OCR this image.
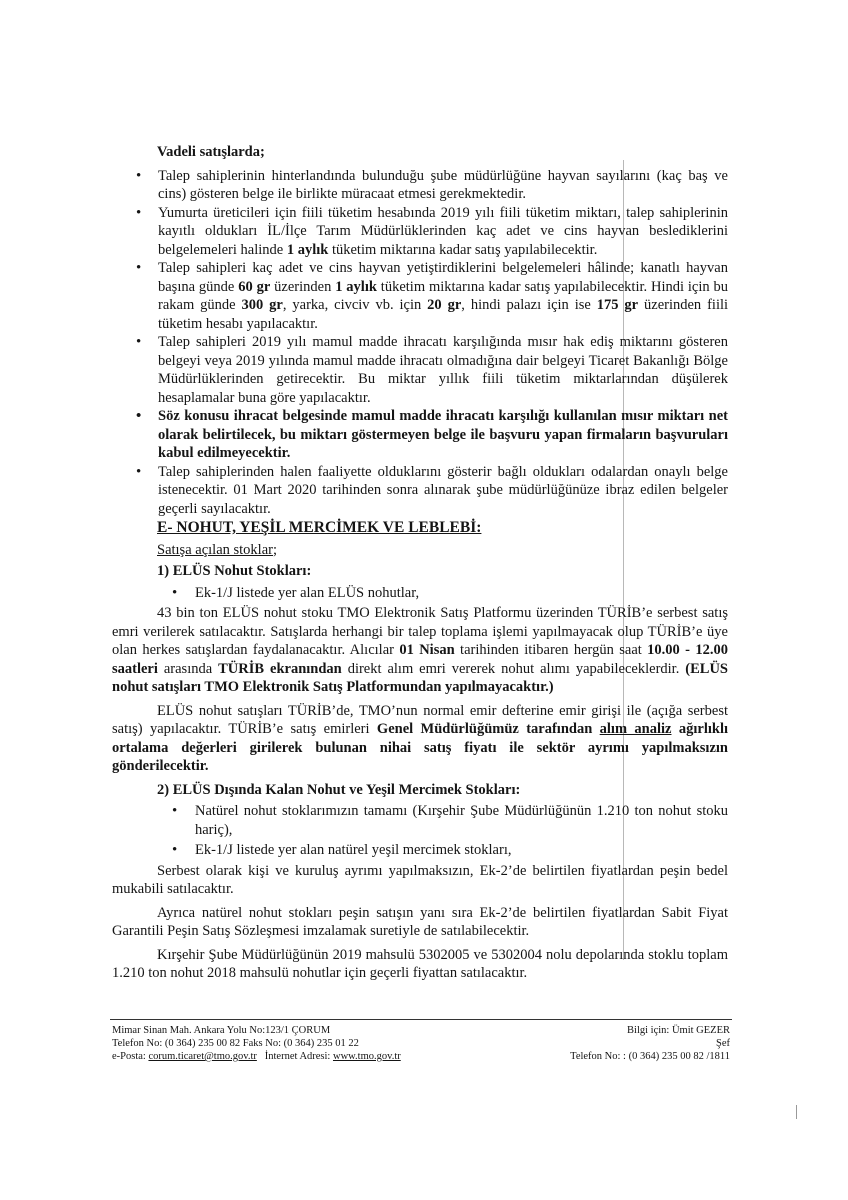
Vadeli satışlarda;
• Talep sahiplerinin hinterlandında bulunduğu şube müdürlüğüne hayvan sayılarını (kaç baş ve cins) gösteren belge ile birlikte müracaat etmesi gerekmektedir.
• Yumurta üreticileri için fiili tüketim hesabında 2019 yılı fiili tüketim miktarı, talep sahiplerinin kayıtlı oldukları İL/İlçe Tarım Müdürlüklerinden kaç adet ve cins hayvan beslediklerini belgelemeleri halinde 1 aylık tüketim miktarına kadar satış yapılabilecektir.
• Talep sahipleri kaç adet ve cins hayvan yetiştirdiklerini belgelemeleri hâlinde; kanatlı hayvan başına günde 60 gr üzerinden 1 aylık tüketim miktarına kadar satış yapılabilecektir. Hindi için bu rakam günde 300 gr, yarka, civciv vb. için 20 gr, hindi palazı için ise 175 gr üzerinden fiili tüketim hesabı yapılacaktır.
• Talep sahipleri 2019 yılı mamul madde ihracatı karşılığında mısır hak ediş miktarını gösteren belgeyi veya 2019 yılında mamul madde ihracatı olmadığına dair belgeyi Ticaret Bakanlığı Bölge Müdürlüklerinden getirecektir. Bu miktar yıllık fiili tüketim miktarlarından düşülerek hesaplamalar buna göre yapılacaktır.
• Söz konusu ihracat belgesinde mamul madde ihracatı karşılığı kullanılan mısır miktarı net olarak belirtilecek, bu miktarı göstermeyen belge ile başvuru yapan firmaların başvuruları kabul edilmeyecektir.
• Talep sahiplerinden halen faaliyette olduklarını gösterir bağlı oldukları odalardan onaylı belge istenecektir. 01 Mart 2020 tarihinden sonra alınarak şube müdürlüğünüze ibraz edilen belgeler geçerli sayılacaktır.
E- NOHUT, YEŞİL MERCİMEK VE LEBLEBİ:
Satışa açılan stoklar;
1) ELÜS Nohut Stokları:
• Ek-1/J listede yer alan ELÜS nohutlar,

43 bin ton ELÜS nohut stoku TMO Elektronik Satış Platformu üzerinden TÜRİB’e serbest satış emri verilerek satılacaktır. Satışlarda herhangi bir talep toplama işlemi yapılmayacak olup TÜRİB’e üye olan herkes satışlardan faydalanacaktır. Alıcılar 01 Nisan tarihinden itibaren hergün saat 10.00 - 12.00 saatleri arasında TÜRİB ekranından direkt alım emri vererek nohut alımı yapabileceklerdir. (ELÜS nohut satışları TMO Elektronik Satış Platformundan yapılmayacaktır.)

ELÜS nohut satışları TÜRİB’de, TMO’nun normal emir defterine emir girişi ile (açığa serbest satış) yapılacaktır. TÜRİB’e satış emirleri Genel Müdürlüğümüz tarafından alım analiz ağırlıklı ortalama değerleri girilerek bulunan nihai satış fiyatı ile sektör ayrımı yapılmaksızın gönderilecektir.

2) ELÜS Dışında Kalan Nohut ve Yeşil Mercimek Stokları:
• Natürel nohut stoklarımızın tamamı (Kırşehir Şube Müdürlüğünün 1.210 ton nohut stoku hariç),
• Ek-1/J listede yer alan natürel yeşil mercimek stokları,

Serbest olarak kişi ve kuruluş ayrımı yapılmaksızın, Ek-2’de belirtilen fiyatlardan peşin bedel mukabili satılacaktır.

Ayrıca natürel nohut stokları peşin satışın yanı sıra Ek-2’de belirtilen fiyatlardan Sabit Fiyat Garantili Peşin Satış Sözleşmesi imzalamak suretiyle de satılabilecektir.

Kırşehir Şube Müdürlüğünün 2019 mahsulü 5302005 ve 5302004 nolu depolarında stoklu toplam 1.210 ton nohut 2018 mahsulü nohutlar için geçerli fiyattan satılacaktır.

Mimar Sinan Mah. Ankara Yolu No:123/1 ÇORUM
Telefon No: (0 364) 235 00 82 Faks No: (0 364) 235 01 22
e-Posta: corum.ticaret@tmo.gov.tr İnternet Adresi: www.tmo.gov.tr
Bilgi için: Ümit GEZER
Şef
Telefon No: : (0 364) 235 00 82 /1811
